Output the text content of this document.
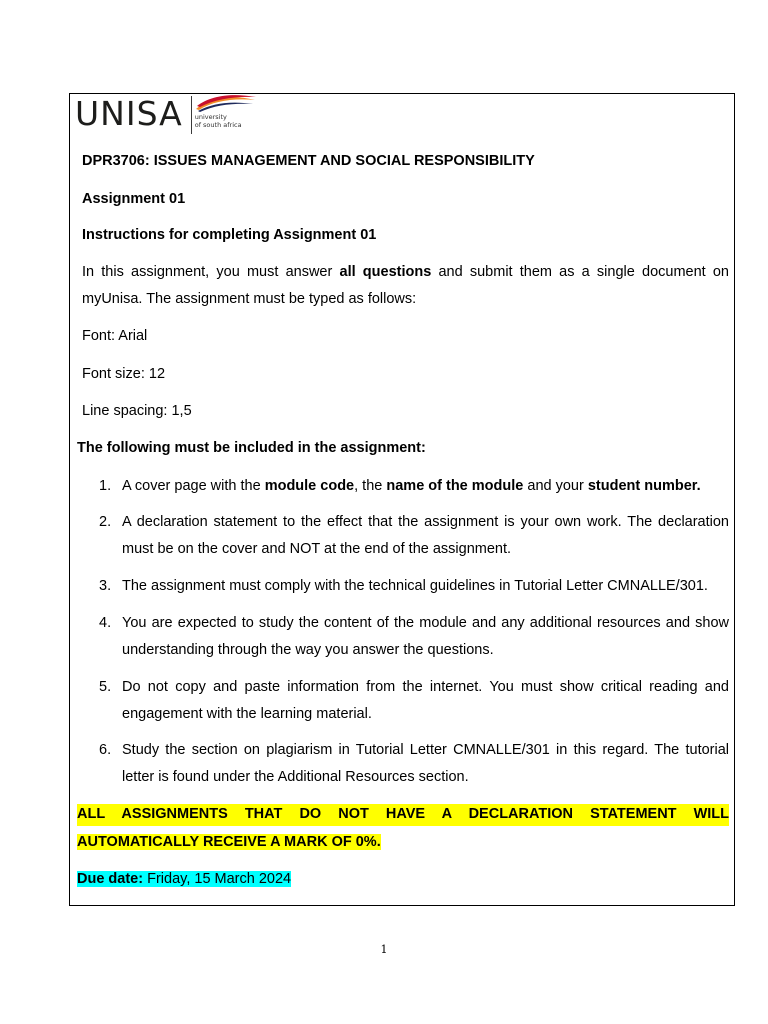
UNISA university
of south africa
DPR3706: ISSUES MANAGEMENT AND SOCIAL RESPONSIBILITY
Assignment 01
Instructions for completing Assignment 01
In this assignment, you must answer all questions and submit them as a single document on
myUnisa. The assignment must be typed as follows:
Font: Arial
Font size: 12
Line spacing: 1,5
The following must be included in the assignment:
1. A cover page with the module code, the name of the module and your student number.
2. A declaration statement to the effect that the assignment is your own work. The declaration
must be on the cover and NOT at the end of the assignment.
3. The assignment must comply with the technical guidelines in Tutorial Letter CMNALLE/301.
4. You are expected to study the content of the module and any additional resources and show
understanding through the way you answer the questions.
5. Do not copy and paste information from the internet. You must show critical reading and
engagement with the learning material.
6. Study the section on plagiarism in Tutorial Letter CMNALLE/301 in this regard. The tutorial
letter is found under the Additional Resources section.
ALL ASSIGNMENTS THAT DO NOT HAVE A DECLARATION STATEMENT WILL
AUTOMATICALLY RECEIVE A MARK OF 0%.
Due date: Friday, 15 March 2024
1
